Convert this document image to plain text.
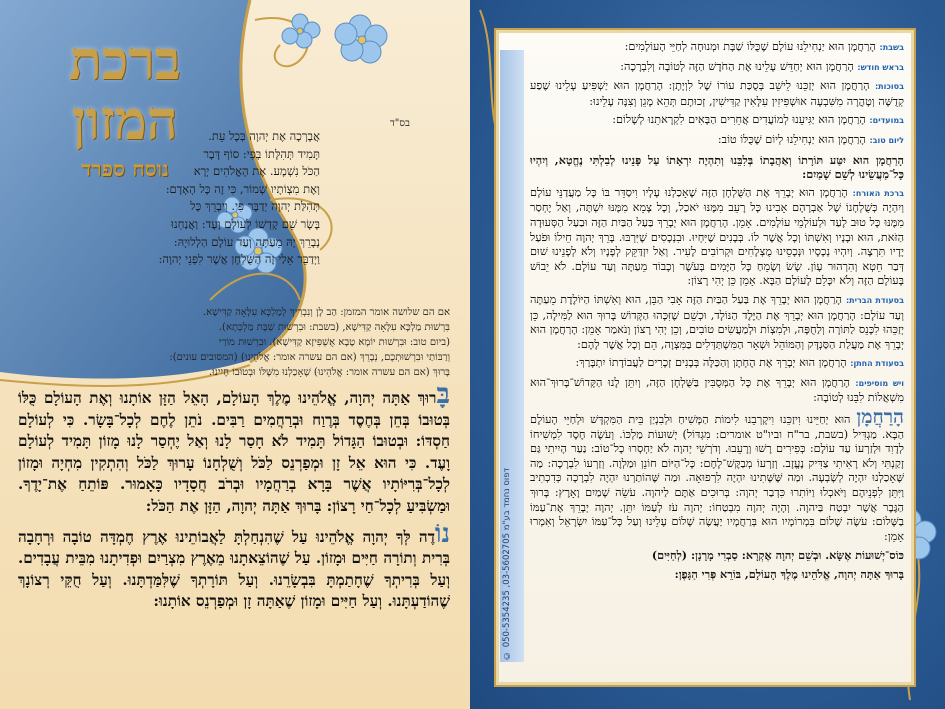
ברכת
המזון
נוסח ספרד
בס"ד

אֲבָרְכָה אֶת יְהוָה בְּכָל עֵת.

תָּמִיד תְּהִלָּתוֹ בְּפִי: סוֹף דָּבָר

הַכֹּל נִשְׁמָע. אֶת הָאֱלֹהִים יְרָא

וְאֶת מִצְוֹתָיו שְׁמוֹר, כִּי זֶה כָּל הָאָדָם:

תְּהִלַּת יְהוָה יְדַבֶּר פִּי. וִיבָרֵךְ כָּל

בָּשָׂר שֵׁם קָדְשׁוֹ לְעוֹלָם וָעֶד: וַאֲנַחְנוּ

נְבָרֵךְ יָהּ מֵעַתָּה וְעַד עוֹלָם הַלְלוּיָהּ:

וַיְדַבֵּר אֵלַי זֶה הַשֻּׁלְחָן אֲשֶׁר לִפְנֵי יְהוָה:

אם הם שלושה אומר המזמן: הַב לָן וְנִבְרִיךְ לְמַלְכָּא עִלָּאָה קַדִּישָׁא.

בִּרְשׁוּת מַלְכָּא עִלָּאָה קַדִּישָׁא, (בשבת: וּבִרְשׁוּת שַׁבָּת מַלְכְּתָא).

(ביום טוב: וּבִרְשׁוּת יוֹמָא טָבָא אֻשְׁפִּיזָא קַדִּישָׁא). וּבִרְשׁוּת מוֹרַי

וְרַבּוֹתַי וּבִרְשׁוּתְכֶם, נְבָרֵךְ (אם הם עשרה אומר: אֱלֹהֵינוּ) (המסובים עונים):

בָּרוּךְ (אם הם עשרה אומר: אֱלֹהֵינוּ) שֶׁאָכַלְנוּ מִשֶּׁלּוֹ וּבְטוּבוֹ חָיִינוּ.

בָּרוּךְ אַתָּה יְהוָה, אֱלֹהֵינוּ מֶלֶךְ הָעוֹלָם, הָאֵל הַזָּן אוֹתָנוּ וְאֶת הָעוֹלָם כֻּלּוֹ בְּטוּבוֹ בְּחֵן בְּחֶסֶד בְּרֶוַח וּבְרַחֲמִים רַבִּים. נֹתֵן לֶחֶם לְכָל־בָּשָׂר. כִּי לְעוֹלָם חַסְדּוֹ: וּבְטוּבוֹ הַגָּדוֹל תָּמִיד לֹא חָסַר לָנוּ וְאַל יֶחְסַר לָנוּ מָזוֹן תָּמִיד לְעוֹלָם וָעֶד. כִּי הוּא אֵל זָן וּמְפַרְנֵס לַכֹּל וְשֻׁלְחָנוֹ עָרוּךְ לַכֹּל וְהִתְקִין מִחְיָה וּמָזוֹן לְכָל־בְּרִיּוֹתָיו אֲשֶׁר בָּרָא בְרַחֲמָיו וּבְרֹב חֲסָדָיו כָּאָמוּר. פּוֹתֵחַ אֶת־יָדֶךָ. וּמַשְׂבִּיעַ לְכָל־חַי רָצוֹן: בָּרוּךְ אַתָּה יְהוָה, הַזָּן אֶת הַכֹּל:

נוֹדֶה לְּךָ יְהוָה אֱלֹהֵינוּ עַל שֶׁהִנְחַלְתָּ לַאֲבוֹתֵינוּ אֶרֶץ חֶמְדָּה טוֹבָה וּרְחָבָה בְּרִית וְתוֹרָה חַיִּים וּמָזוֹן. עַל שֶׁהוֹצֵאתָנוּ מֵאֶרֶץ מִצְרַיִם וּפְדִיתָנוּ מִבֵּית עֲבָדִים. וְעַל בְּרִיתְךָ שֶׁחָתַמְתָּ בִּבְשָׂרֵנוּ. וְעַל תּוֹרָתְךָ שֶׁלִּמַּדְתָּנוּ. וְעַל חֻקֵּי רְצוֹנָךְ שֶׁהוֹדַעְתָּנוּ. וְעַל חַיִּים וּמָזוֹן שֶׁאַתָּה זָן וּמְפַרְנֵס אוֹתָנוּ:

© דפוס נחמד בע"מ 03-5602705, 050-5354235

בשבת: הָרַחֲמָן הוּא יַנְחִילֵנוּ עוֹלָם שֶׁכֻּלּוֹ שַׁבָּת וּמְנוּחָה לְחַיֵּי הָעוֹלָמִים:

בראש חודש: הָרַחֲמָן הוּא יְחַדֵּשׁ עָלֵינוּ אֶת הַחֹדֶשׁ הַזֶּה לְטוֹבָה וְלִבְרָכָה:

בסוכות: הָרַחֲמָן הוּא יְזַכֵּנוּ לֵישֵׁב בְּסֻכַּת עוֹרוֹ שֶׁל לִוְיָתָן: הָרַחֲמָן הוּא יַשְׁפִּיעַ עָלֵינוּ שֶׁפַע קְדֻשָּׁה וְטָהֳרָה מִשִּׁבְעָה אוּשְׁפִּיזִין עִלָּאִין קַדִּישִׁין, זְכוּתָם תְּהֵא מָגֵן וְצִנָּה עָלֵינוּ:

במועדים: הָרַחֲמָן הוּא יַגִּיעֵנוּ לְמוֹעֲדִים אֲחֵרִים הַבָּאִים לִקְרָאתֵנוּ לְשָׁלוֹם:

ליום טוב: הָרַחֲמָן הוּא יַנְחִילֵנוּ לְיוֹם שֶׁכֻּלּוֹ טוֹב:

הָרַחֲמָן הוּא יִטַּע תּוֹרָתוֹ וְאַהֲבָתוֹ בְּלִבֵּנוּ וְתִהְיֶה יִרְאָתוֹ עַל פָּנֵינוּ לְבִלְתִּי נֶחֱטָא, וְיִהְיוּ כָּל־מַעֲשֵׂינוּ לְשֵׁם שָׁמַיִם:

ברכת האורח: הָרַחֲמָן הוּא יְבָרֵךְ אֶת הַשֻּׁלְחָן הַזֶּה שֶׁאָכַלְנוּ עָלָיו וִיסַדֵּר בּוֹ כָּל מַעֲדַנֵּי עוֹלָם וְיִהְיֶה כְּשֻׁלְחָנוֹ שֶׁל אַבְרָהָם אָבִינוּ כָּל רָעֵב מִמֶּנּוּ יֹאכַל, וְכָל צָמֵא מִמֶּנּוּ יִשְׁתֶּה, וְאַל יֶחְסַר מִמֶּנּוּ כָּל טוּב לָעַד וּלְעוֹלְמֵי עוֹלָמִים. אָמֵן. הָרַחֲמָן הוּא יְבָרֵךְ בַּעַל הַבַּיִת הַזֶּה וּבַעַל הַסְּעוּדָה הַזֹּאת, הוּא וּבָנָיו וְאִשְׁתּוֹ וְכָל אֲשֶׁר לוֹ. בְּבָנִים שֶׁיִּחְיוּ. וּבִנְכָסִים שֶׁיִּרְבּוּ. בָּרֵךְ יְהוָה חֵילוֹ וּפֹעַל יָדָיו תִּרְצֶה. וְיִהְיוּ נְכָסָיו וּנְכָסֵינוּ מֻצְלָחִים וּקְרוֹבִים לָעִיר. וְאַל יִזְדַּקֵּק לְפָנָיו וְלֹא לְפָנֵינוּ שׁוּם דְּבַר חֵטְא וְהִרְהוּר עָוֹן. שָׂשׂ וְשָׂמֵחַ כָּל הַיָּמִים בְּעֹשֶׁר וְכָבוֹד מֵעַתָּה וְעַד עוֹלָם. לֹא יֵבוֹשׁ בָּעוֹלָם הַזֶּה וְלֹא יִכָּלֵם לָעוֹלָם הַבָּא. אָמֵן כֵּן יְהִי רָצוֹן:

בסעודת הברית: הָרַחֲמָן הוּא יְבָרֵךְ אֶת בַּעַל הַבַּיִת הַזֶּה אָבִי הַבֵּן, הוּא וְאִשְׁתּוֹ הַיּוֹלֶדֶת מֵעַתָּה וְעַד עוֹלָם: הָרַחֲמָן הוּא יְבָרֵךְ אֶת הַיֶּלֶד הַנּוֹלָד, וּכְשֵׁם שֶׁזִּכָּהוּ הַקָּדוֹשׁ בָּרוּךְ הוּא לַמִּילָה, כֵּן יְזַכֵּהוּ לִכָּנֵס לַתּוֹרָה וְלַחֻפָּה, וּלְמִצְוֹת וּלְמַעֲשִׂים טוֹבִים, וְכֵן יְהִי רָצוֹן וְנֹאמַר אָמֵן: הָרַחֲמָן הוּא יְבָרֵךְ אֶת מַעֲלַת הַסַּנְדָּק וְהַמּוֹהֵל וּשְׁאָר הַמִּשְׁתַּדְּלִים בַּמִּצְוָה, הֵם וְכָל אֲשֶׁר לָהֶם:

בסעודת החתן: הָרַחֲמָן הוּא יְבָרֵךְ אֶת הֶחָתָן וְהַכַּלָּה בְּבָנִים זְכָרִים לַעֲבוֹדָתוֹ יִתְבָּרַךְ:

ויש מוסיפים: הָרַחֲמָן הוּא יְבָרֵךְ אֶת כָּל הַמְּסֻבִּין בַּשֻּׁלְחָן הַזֶּה, וְיִתֵּן לָנוּ הַקָּדוֹשׁ־בָּרוּךְ־הוּא מִשְׁאֲלוֹת לִבֵּנוּ לְטוֹבָה:

הָרַחֲמָן הוּא יְחַיֵּינוּ וִיזַכֵּנוּ וִיקָרְבֵנוּ לִימוֹת הַמָּשִׁיחַ וּלְבִנְיַן בֵּית הַמִּקְדָּשׁ וּלְחַיֵּי הָעוֹלָם הַבָּא. מַגְדִּיל (בשבת, בר"ח וביו"ט אומרים: מִגְדּוֹל) יְשׁוּעוֹת מַלְכּוֹ. וְעֹשֶׂה חֶסֶד לִמְשִׁיחוֹ לְדָוִד וּלְזַרְעוֹ עַד עוֹלָם: כְּפִירִים רָשׁוּ וְרָעֵבוּ. וְדֹרְשֵׁי יְהוָה לֹא יַחְסְרוּ כָל־טוֹב: נַעַר הָיִיתִי גַּם זָקַנְתִּי וְלֹא רָאִיתִי צַדִּיק נֶעֱזָב. וְזַרְעוֹ מְבַקֶּשׁ־לָחֶם: כָּל־הַיּוֹם חוֹנֵן וּמַלְוֶה. וְזַרְעוֹ לִבְרָכָה: מַה שֶּׁאָכַלְנוּ יִהְיֶה לְשָׂבְעָה. וּמַה שֶּׁשָּׁתִינוּ יִהְיֶה לִרְפוּאָה. וּמַה שֶּׁהוֹתַרְנוּ יִהְיֶה לִבְרָכָה כְּדִכְתִיב וַיִּתֵּן לִפְנֵיהֶם וַיֹּאכְלוּ וַיּוֹתִרוּ כִּדְבַר יְהוָה: בְּרוּכִים אַתֶּם לַיהוָה. עֹשֵׂה שָׁמַיִם וָאָרֶץ: בָּרוּךְ הַגֶּבֶר אֲשֶׁר יִבְטַח בַּיהוָה. וְהָיָה יְהוָה מִבְטַחוֹ: יְהוָה עֹז לְעַמּוֹ יִתֵּן. יְהוָה יְבָרֵךְ אֶת־עַמּוֹ בַשָּׁלוֹם: עֹשֶׂה שָׁלוֹם בִּמְרוֹמָיו הוּא בְּרַחֲמָיו יַעֲשֶׂה שָׁלוֹם עָלֵינוּ וְעַל כָּל־עַמּוֹ יִשְׂרָאֵל וְאִמְרוּ אָמֵן:

כּוֹס־יְשׁוּעוֹת אֶשָּׂא. וּבְשֵׁם יְהוָה אֶקְרָא: סַבְרִי מָרָנָן: (לְחַיִּים)

בָּרוּךְ אַתָּה יְהוָה, אֱלֹהֵינוּ מֶלֶךְ הָעוֹלָם, בּוֹרֵא פְּרִי הַגָּפֶן:
